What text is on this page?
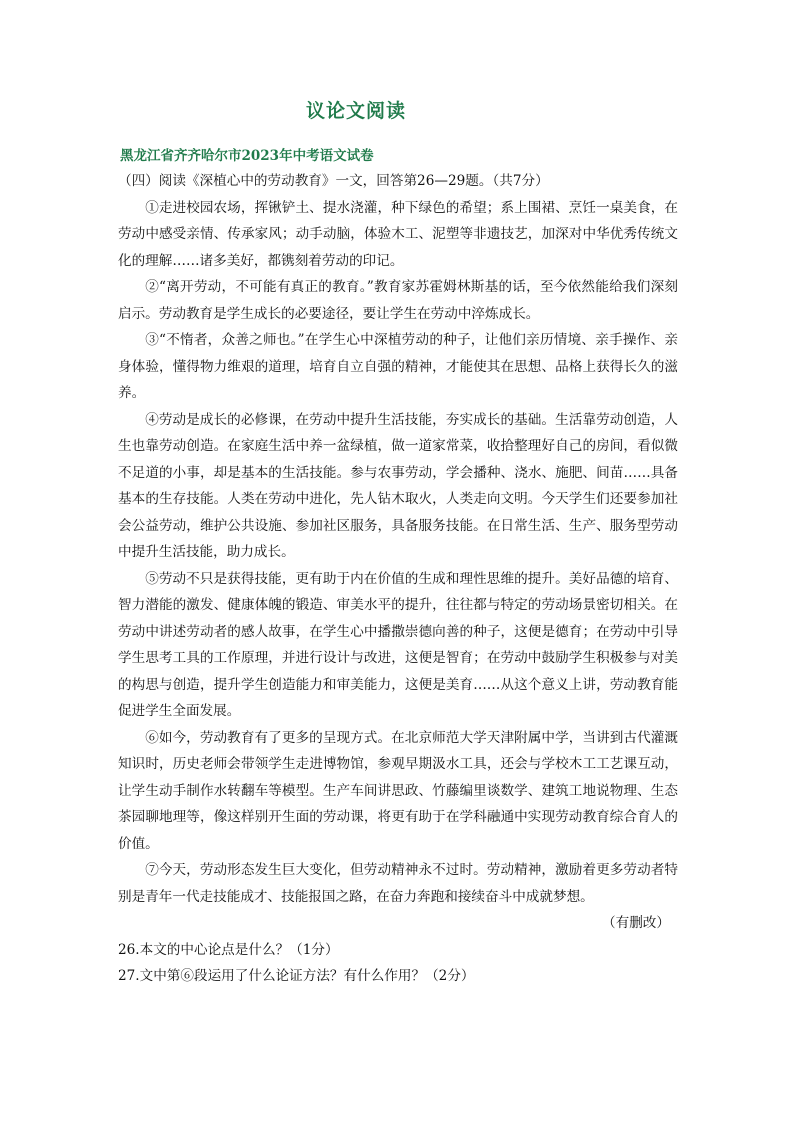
议论文阅读
黑龙江省齐齐哈尔市2023年中考语文试卷

（四）阅读《深植心中的劳动教育》一文，回答第26—29题。（共7分）

①走进校园农场，挥锹铲土、提水浇灌，种下绿色的希望；系上围裙、烹饪一桌美食，在劳动中感受亲情、传承家风；动手动脑，体验木工、泥塑等非遗技艺，加深对中华优秀传统文化的理解……诸多美好，都镌刻着劳动的印记。

②“离开劳动，不可能有真正的教育。”教育家苏霍姆林斯基的话，至今依然能给我们深刻启示。劳动教育是学生成长的必要途径，要让学生在劳动中淬炼成长。

③“不惰者，众善之师也。”在学生心中深植劳动的种子，让他们亲历情境、亲手操作、亲身体验，懂得物力维艰的道理，培育自立自强的精神，才能使其在思想、品格上获得长久的滋养。

④劳动是成长的必修课，在劳动中提升生活技能，夯实成长的基础。生活靠劳动创造，人生也靠劳动创造。在家庭生活中养一盆绿植，做一道家常菜，收拾整理好自己的房间，看似微不足道的小事，却是基本的生活技能。参与农事劳动，学会播种、浇水、施肥、间苗……具备基本的生存技能。人类在劳动中进化，先人钻木取火，人类走向文明。今天学生们还要参加社会公益劳动，维护公共设施、参加社区服务，具备服务技能。在日常生活、生产、服务型劳动中提升生活技能，助力成长。

⑤劳动不只是获得技能，更有助于内在价值的生成和理性思维的提升。美好品德的培育、智力潜能的激发、健康体魄的锻造、审美水平的提升，往往都与特定的劳动场景密切相关。在劳动中讲述劳动者的感人故事，在学生心中播撒崇德向善的种子，这便是德育；在劳动中引导学生思考工具的工作原理，并进行设计与改进，这便是智育；在劳动中鼓励学生积极参与对美的构思与创造，提升学生创造能力和审美能力，这便是美育……从这个意义上讲，劳动教育能促进学生全面发展。

⑥如今，劳动教育有了更多的呈现方式。在北京师范大学天津附属中学，当讲到古代灌溉知识时，历史老师会带领学生走进博物馆，参观早期汲水工具，还会与学校木工工艺课互动，让学生动手制作水转翻车等模型。生产车间讲思政、竹藤编里谈数学、建筑工地说物理、生态茶园聊地理等，像这样别开生面的劳动课，将更有助于在学科融通中实现劳动教育综合育人的价值。

⑦今天，劳动形态发生巨大变化，但劳动精神永不过时。劳动精神，激励着更多劳动者特别是青年一代走技能成才、技能报国之路，在奋力奔跑和接续奋斗中成就梦想。

（有删改）

26.本文的中心论点是什么？（1分）

27.文中第⑥段运用了什么论证方法？有什么作用？（2分）
